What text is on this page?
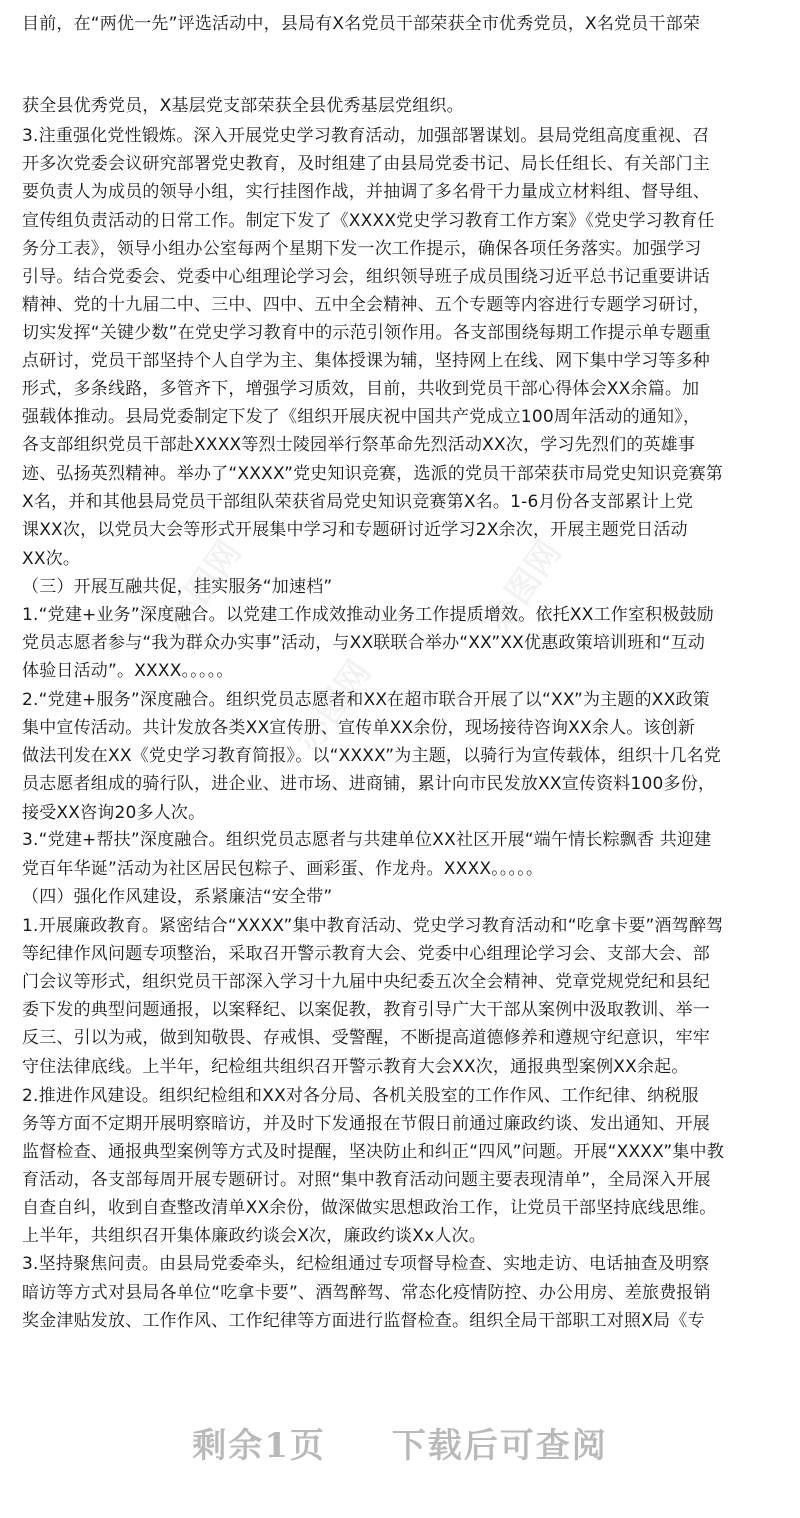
办图网	办图网
办图网
目前，在“两优一先”评选活动中，县局有X名党员干部荣获全市优秀党员，X名党员干部荣
获全县优秀党员，X基层党支部荣获全县优秀基层党组织。
3.注重强化党性锻炼。深入开展党史学习教育活动，加强部署谋划。县局党组高度重视、召
开多次党委会议研究部署党史教育，及时组建了由县局党委书记、局长任组长、有关部门主
要负责人为成员的领导小组，实行挂图作战，并抽调了多名骨干力量成立材料组、督导组、
宣传组负责活动的日常工作。制定下发了《XXXX党史学习教育工作方案》《党史学习教育任
务分工表》，领导小组办公室每两个星期下发一次工作提示，确保各项任务落实。加强学习
引导。结合党委会、党委中心组理论学习会，组织领导班子成员围绕习近平总书记重要讲话
精神、党的十九届二中、三中、四中、五中全会精神、五个专题等内容进行专题学习研讨，
切实发挥“关键少数”在党史学习教育中的示范引领作用。各支部围绕每期工作提示单专题重
点研讨，党员干部坚持个人自学为主、集体授课为辅，坚持网上在线、网下集中学习等多种
形式，多条线路，多管齐下，增强学习质效，目前，共收到党员干部心得体会XX余篇。加
强载体推动。县局党委制定下发了《组织开展庆祝中国共产党成立100周年活动的通知》，
各支部组织党员干部赴XXXX等烈士陵园举行祭革命先烈活动XX次，学习先烈们的英雄事
迹、弘扬英烈精神。举办了“XXXX”党史知识竞赛，选派的党员干部荣获市局党史知识竞赛第
X名，并和其他县局党员干部组队荣获省局党史知识竞赛第X名。1-6月份各支部累计上党
课XX次，以党员大会等形式开展集中学习和专题研讨近学习2X余次，开展主题党日活动
XX次。
（三）开展互融共促，挂实服务“加速档”
1.“党建+业务”深度融合。以党建工作成效推动业务工作提质增效。依托XX工作室积极鼓励
党员志愿者参与“我为群众办实事”活动，与XX联联合举办“XX”XX优惠政策培训班和“互动
体验日活动”。XXXX。。。。。
2.“党建+服务”深度融合。组织党员志愿者和XX在超市联合开展了以“XX”为主题的XX政策
集中宣传活动。共计发放各类XX宣传册、宣传单XX余份，现场接待咨询XX余人。该创新
做法刊发在XX《党史学习教育简报》。以“XXXX”为主题，以骑行为宣传载体，组织十几名党
员志愿者组成的骑行队，进企业、进市场、进商铺，累计向市民发放XX宣传资料100多份，
接受XX咨询20多人次。
3.“党建+帮扶”深度融合。组织党员志愿者与共建单位XX社区开展“端午情长粽飘香 共迎建
党百年华诞”活动为社区居民包粽子、画彩蛋、作龙舟。XXXX。。。。。
（四）强化作风建设，系紧廉洁“安全带”
1.开展廉政教育。紧密结合“XXXX”集中教育活动、党史学习教育活动和“吃拿卡要”酒驾醉驾
等纪律作风问题专项整治，采取召开警示教育大会、党委中心组理论学习会、支部大会、部
门会议等形式，组织党员干部深入学习十九届中央纪委五次全会精神、党章党规党纪和县纪
委下发的典型问题通报，以案释纪、以案促教，教育引导广大干部从案例中汲取教训、举一
反三、引以为戒，做到知敬畏、存戒惧、受警醒，不断提高道德修养和遵规守纪意识，牢牢
守住法律底线。上半年，纪检组共组织召开警示教育大会XX次，通报典型案例XX余起。
2.推进作风建设。组织纪检组和XX对各分局、各机关股室的工作作风、工作纪律、纳税服
务等方面不定期开展明察暗访，并及时下发通报在节假日前通过廉政约谈、发出通知、开展
监督检查、通报典型案例等方式及时提醒，坚决防止和纠正“四风”问题。开展“XXXX”集中教
育活动，各支部每周开展专题研讨。对照“集中教育活动问题主要表现清单”，全局深入开展
自查自纠，收到自查整改清单XX余份，做深做实思想政治工作，让党员干部坚持底线思维。
上半年，共组织召开集体廉政约谈会X次，廉政约谈Xx人次。
3.坚持聚焦问责。由县局党委牵头，纪检组通过专项督导检查、实地走访、电话抽查及明察
暗访等方式对县局各单位“吃拿卡要”、酒驾醉驾、常态化疫情防控、办公用房、差旅费报销
奖金津贴发放、工作作风、工作纪律等方面进行监督检查。组织全局干部职工对照X局《专
剩余1页 下载后可查阅
